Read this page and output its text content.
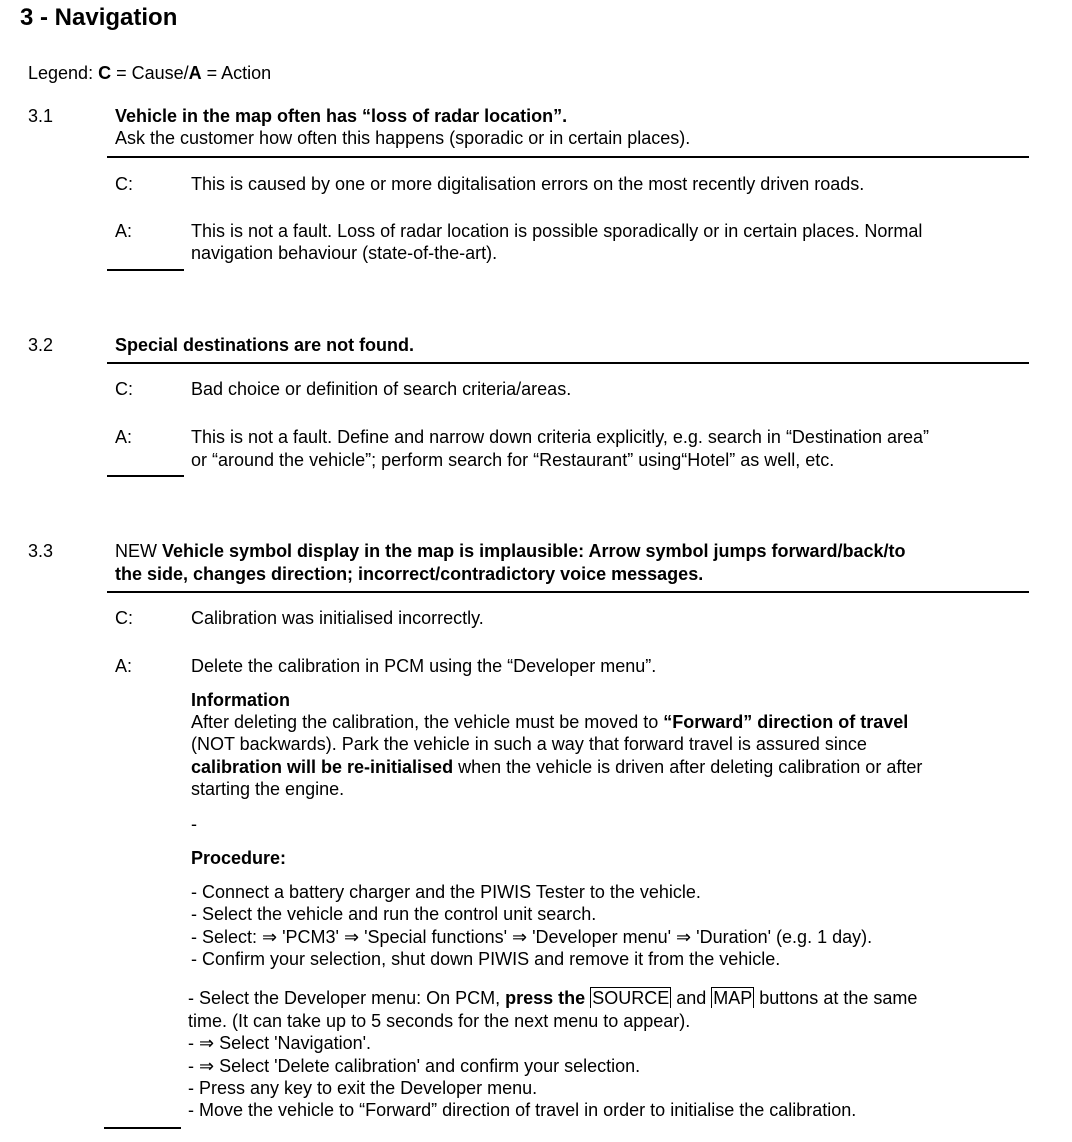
3 - Navigation
Legend: C = Cause/A = Action
3.1	Vehicle in the map often has “loss of radar location”.
Ask the customer how often this happens (sporadic or in certain places).
C:	This is caused by one or more digitalisation errors on the most recently driven roads.
A:	This is not a fault. Loss of radar location is possible sporadically or in certain places. Normal
navigation behaviour (state-of-the-art).
3.2	Special destinations are not found.
C:	Bad choice or definition of search criteria/areas.
A:	This is not a fault. Define and narrow down criteria explicitly, e.g. search in “Destination area”
or “around the vehicle”; perform search for “Restaurant” using“Hotel” as well, etc.
3.3	NEW Vehicle symbol display in the map is implausible: Arrow symbol jumps forward/back/to
the side, changes direction; incorrect/contradictory voice messages.
C:	Calibration was initialised incorrectly.
A:	Delete the calibration in PCM using the “Developer menu”.
Information
After deleting the calibration, the vehicle must be moved to “Forward” direction of travel
(NOT backwards). Park the vehicle in such a way that forward travel is assured since
calibration will be re-initialised when the vehicle is driven after deleting calibration or after
starting the engine.
-
Procedure:
- Connect a battery charger and the PIWIS Tester to the vehicle.
- Select the vehicle and run the control unit search.
- Select: ⇒ 'PCM3' ⇒ 'Special functions' ⇒ 'Developer menu' ⇒ 'Duration' (e.g. 1 day).
- Confirm your selection, shut down PIWIS and remove it from the vehicle.
- Select the Developer menu: On PCM, press the SOURCE and MAP buttons at the same
time. (It can take up to 5 seconds for the next menu to appear).
- ⇒ Select 'Navigation'.
- ⇒ Select 'Delete calibration' and confirm your selection.
- Press any key to exit the Developer menu.
- Move the vehicle to “Forward” direction of travel in order to initialise the calibration.
